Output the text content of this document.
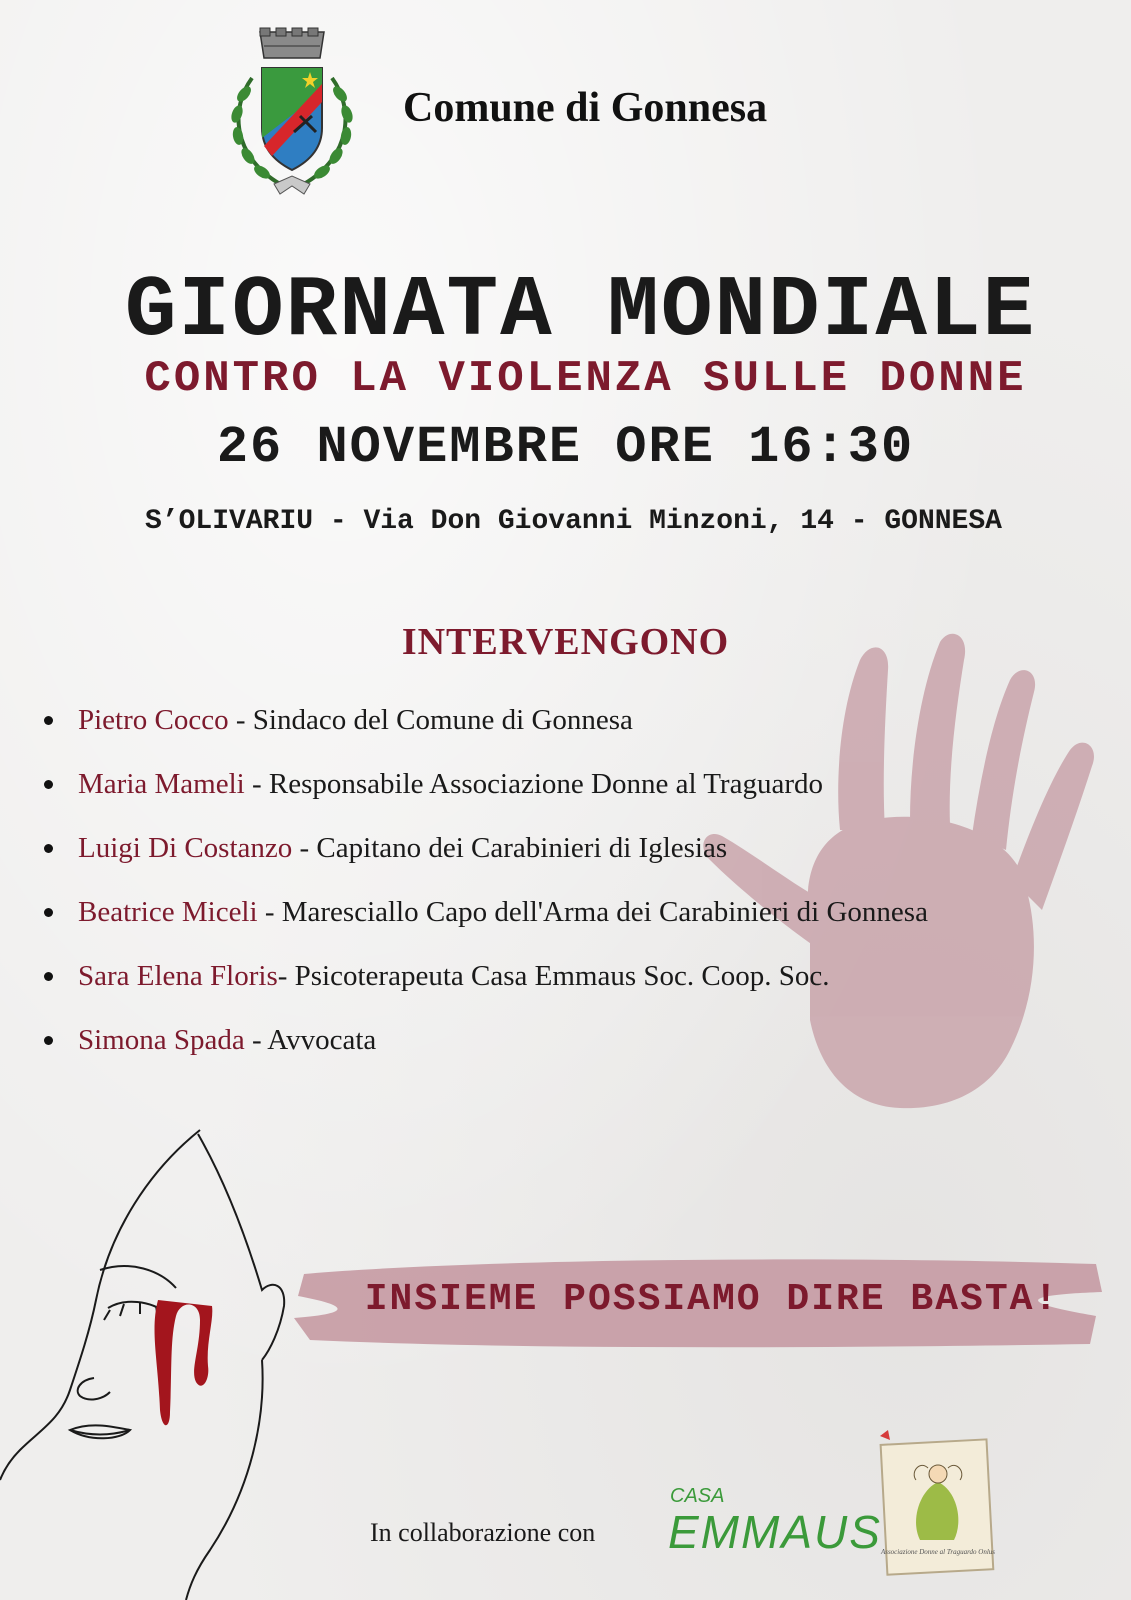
Comune di Gonnesa
GIORNATA MONDIALE
CONTRO LA VIOLENZA SULLE DONNE
26 NOVEMBRE ORE 16:30
S’OLIVARIU - Via Don Giovanni Minzoni, 14 - GONNESA
INTERVENGONO
Pietro Cocco - Sindaco del Comune di Gonnesa
Maria Mameli - Responsabile Associazione Donne al Traguardo
Luigi Di Costanzo - Capitano dei Carabinieri di Iglesias
Beatrice Miceli - Maresciallo Capo dell'Arma dei Carabinieri di Gonnesa
Sara Elena Floris- Psicoterapeuta Casa Emmaus Soc. Coop. Soc.
Simona Spada - Avvocata
INSIEME POSSIAMO DIRE BASTA!
In collaborazione con
CASA
EMMAUS Associazione Donne al Traguardo Onlus
